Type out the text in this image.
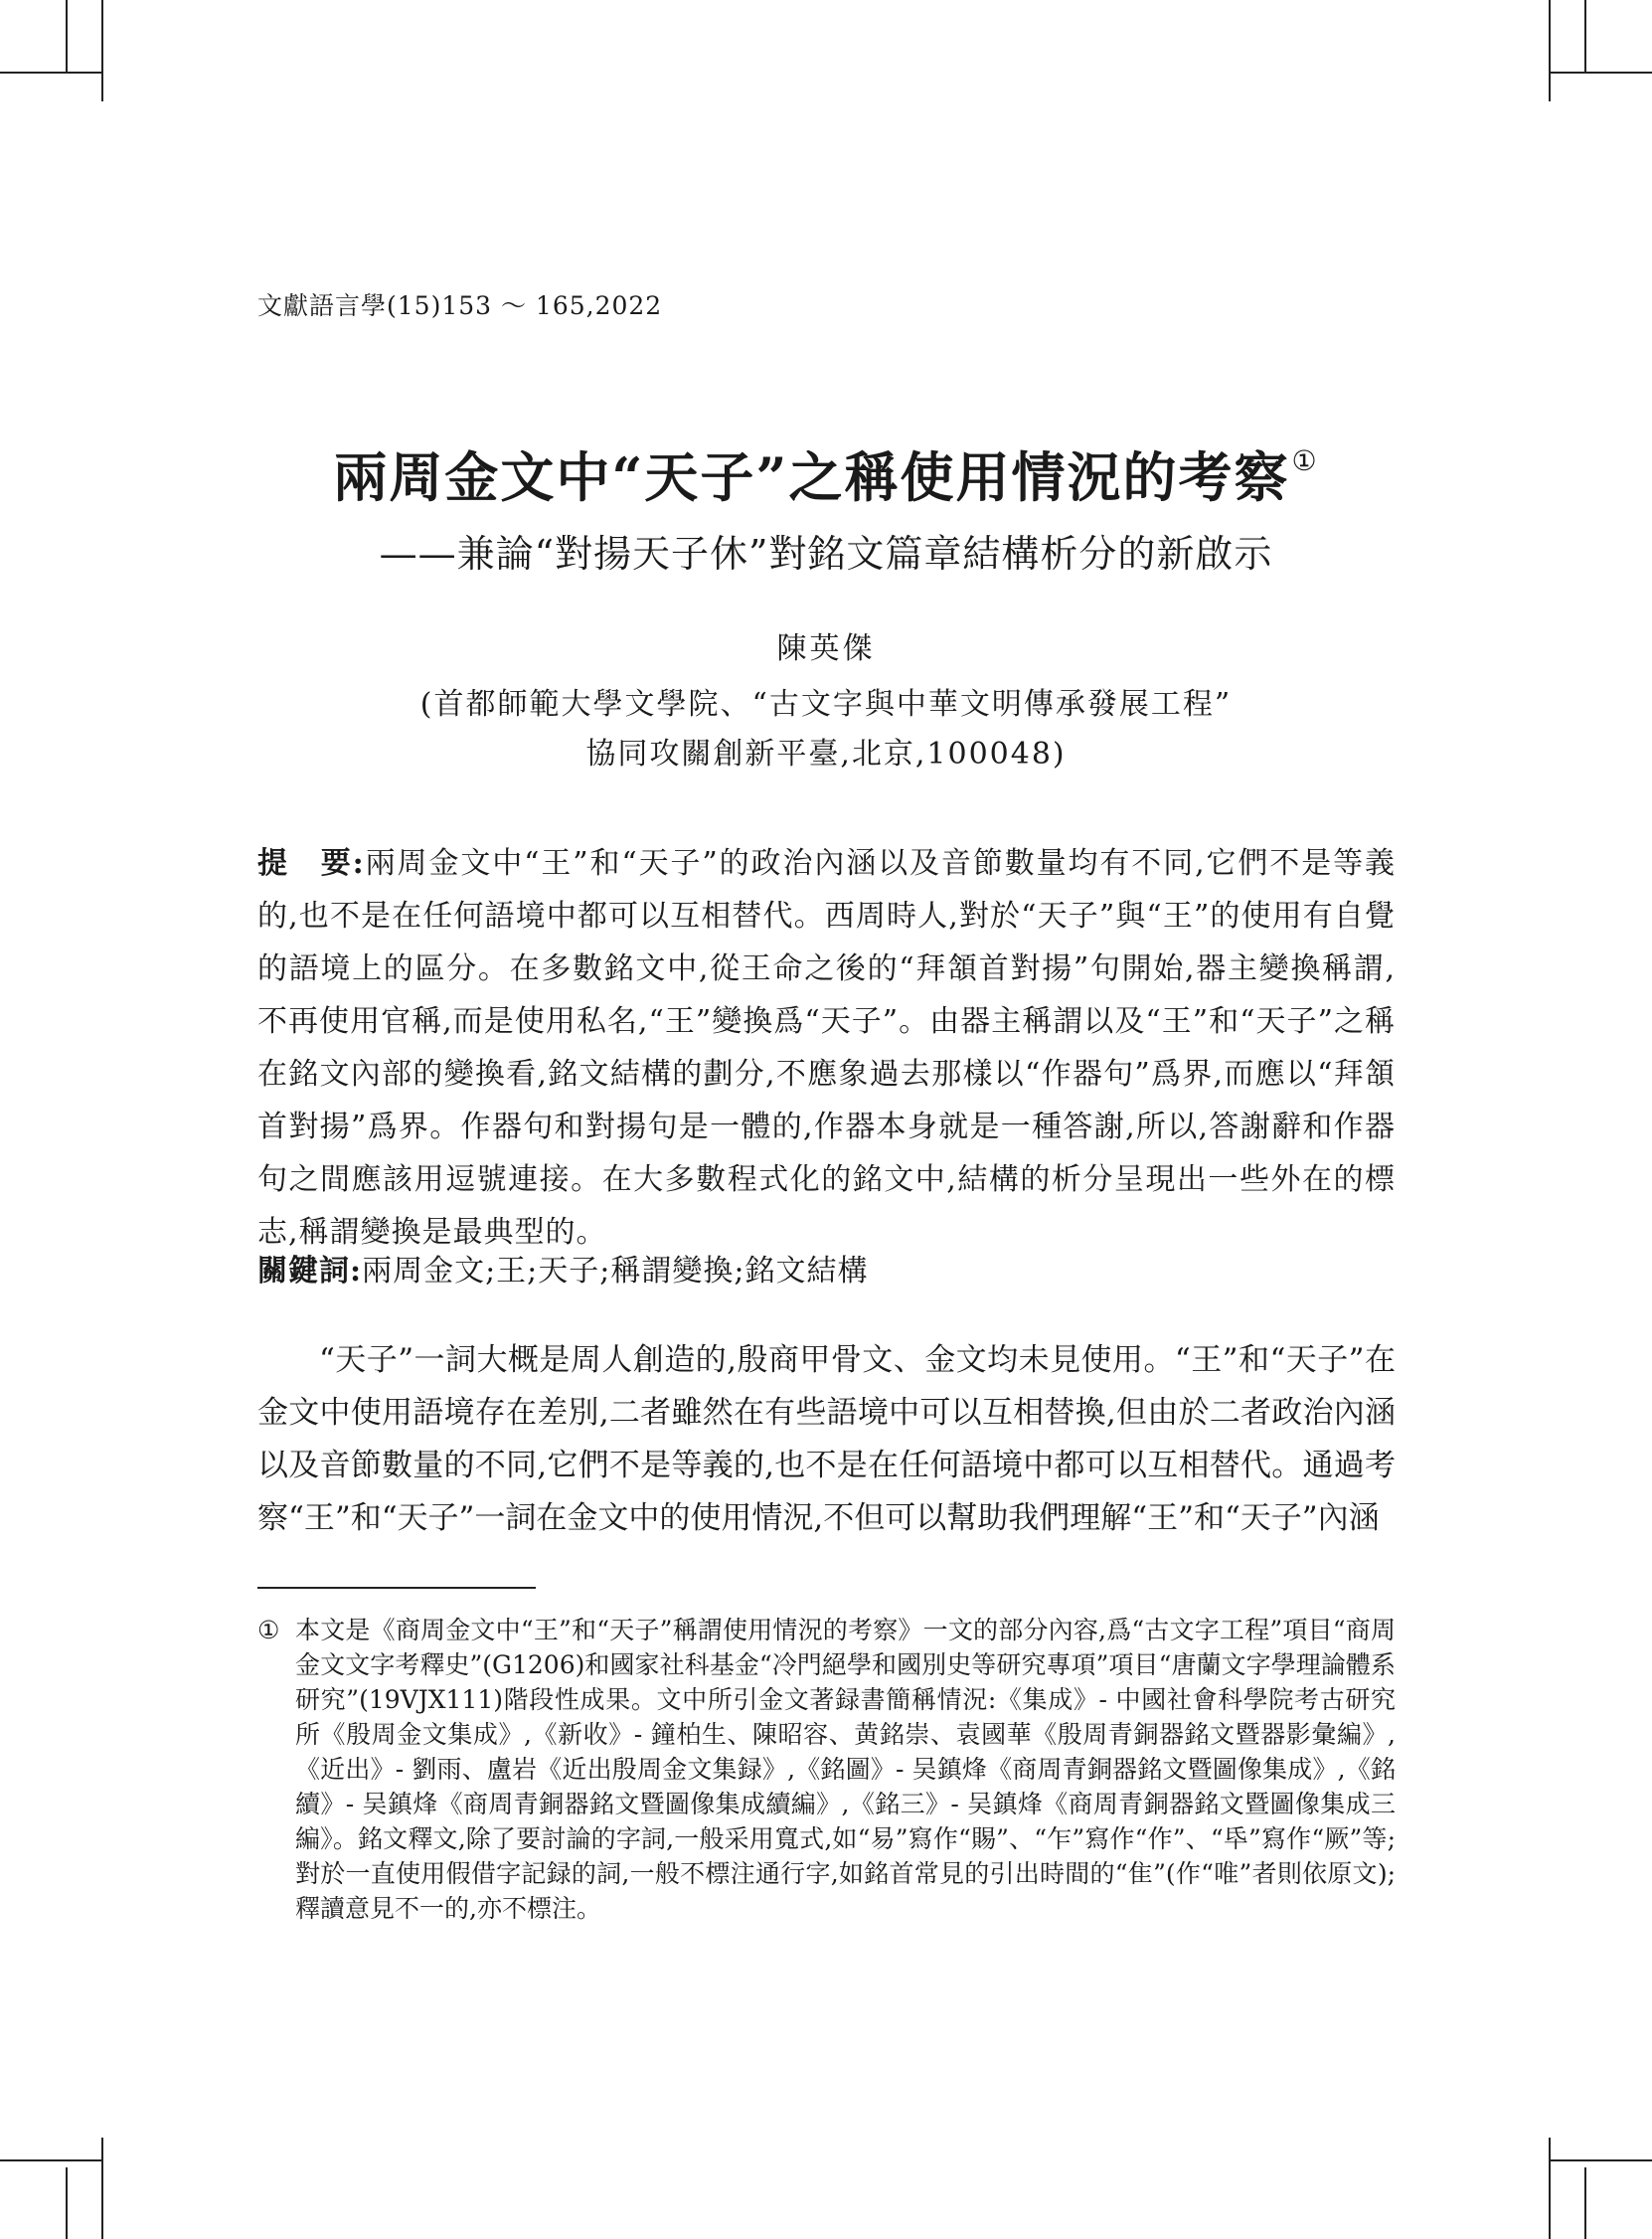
文獻語言學(15)153 ～ 165,2022
兩周金文中“天子”之稱使用情況的考察①
——兼論“對揚天子休”對銘文篇章結構析分的新啟示
陳英傑
(首都師範大學文學院、“古文字與中華文明傳承發展工程”
協同攻關創新平臺,北京,100048)
提　要:兩周金文中“王”和“天子”的政治內涵以及音節數量均有不同,它們不是等義的,也不是在任何語境中都可以互相替代。西周時人,對於“天子”與“王”的使用有自覺的語境上的區分。在多數銘文中,從王命之後的“拜頷首對揚”句開始,器主變換稱謂,不再使用官稱,而是使用私名,“王”變換爲“天子”。由器主稱謂以及“王”和“天子”之稱在銘文內部的變換看,銘文結構的劃分,不應象過去那樣以“作器句”爲界,而應以“拜頷首對揚”爲界。作器句和對揚句是一體的,作器本身就是一種答謝,所以,答謝辭和作器句之間應該用逗號連接。在大多數程式化的銘文中,結構的析分呈現出一些外在的標志,稱謂變換是最典型的。
關鍵詞:兩周金文;王;天子;稱謂變換;銘文結構

“天子”一詞大概是周人創造的,殷商甲骨文、金文均未見使用。“王”和“天子”在金文中使用語境存在差別,二者雖然在有些語境中可以互相替換,但由於二者政治內涵以及音節數量的不同,它們不是等義的,也不是在任何語境中都可以互相替代。通過考察“王”和“天子”一詞在金文中的使用情況,不但可以幫助我們理解“王”和“天子”內涵

① 本文是《商周金文中“王”和“天子”稱謂使用情況的考察》一文的部分內容,爲“古文字工程”項目“商周金文文字考釋史”(G1206)和國家社科基金“冷門絕學和國別史等研究專項”項目“唐蘭文字學理論體系研究”(19VJX111)階段性成果。文中所引金文著録書簡稱情況:《集成》- 中國社會科學院考古研究所《殷周金文集成》,《新收》- 鐘柏生、陳昭容、黄銘崇、袁國華《殷周青銅器銘文暨器影彙編》,《近出》- 劉雨、盧岩《近出殷周金文集録》,《銘圖》- 吴鎮烽《商周青銅器銘文暨圖像集成》,《銘續》- 吴鎮烽《商周青銅器銘文暨圖像集成續編》,《銘三》- 吴鎮烽《商周青銅器銘文暨圖像集成三編》。銘文釋文,除了要討論的字詞,一般采用寬式,如“易”寫作“賜”、“乍”寫作“作”、“氒”寫作“厥”等;對於一直使用假借字記録的詞,一般不標注通行字,如銘首常見的引出時間的“隹”(作“唯”者則依原文);釋讀意見不一的,亦不標注。
